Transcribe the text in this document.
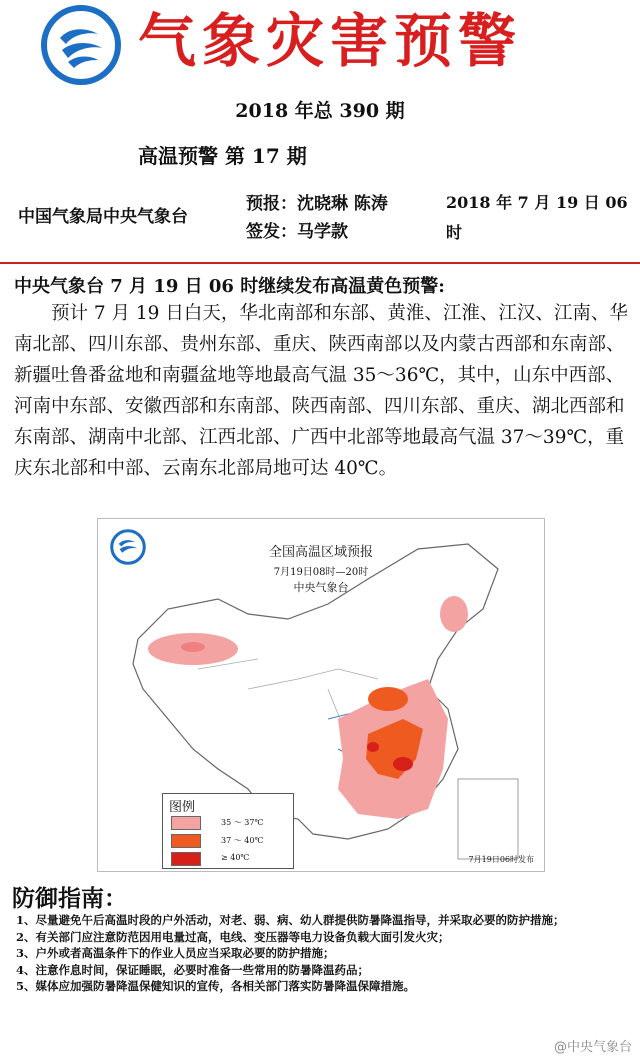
气象灾害预警
2018 年总 390 期
高温预警 第 17 期
中国气象局中央气象台
预报：沈晓琳 陈涛
签发：马学款
2018 年 7 月 19 日 06 时
中央气象台 7 月 19 日 06 时继续发布高温黄色预警:
预计 7 月 19 日白天，华北南部和东部、黄淮、江淮、江汉、江南、华南北部、四川东部、贵州东部、重庆、陕西南部以及内蒙古西部和东南部、新疆吐鲁番盆地和南疆盆地等地最高气温 35～36℃，其中，山东中西部、河南中东部、安徽西部和东南部、陕西南部、四川东部、重庆、湖北西部和东南部、湖南中北部、江西北部、广西中北部等地最高气温 37～39℃，重庆东北部和中部、云南东北部局地可达 40℃。
全国高温区域预报
7月19日08时—20时
中央气象台
图例
35 ～ 37℃
37 ～ 40℃
≥ 40℃	7月19日06时发布
防御指南：
1、尽量避免午后高温时段的户外活动，对老、弱、病、幼人群提供防暑降温指导，并采取必要的防护措施；
2、有关部门应注意防范因用电量过高，电线、变压器等电力设备负载大面引发火灾；
3、户外或者高温条件下的作业人员应当采取必要的防护措施；
4、注意作息时间，保证睡眠，必要时准备一些常用的防暑降温药品；
5、媒体应加强防暑降温保健知识的宣传，各相关部门落实防暑降温保障措施。
@中央气象台
